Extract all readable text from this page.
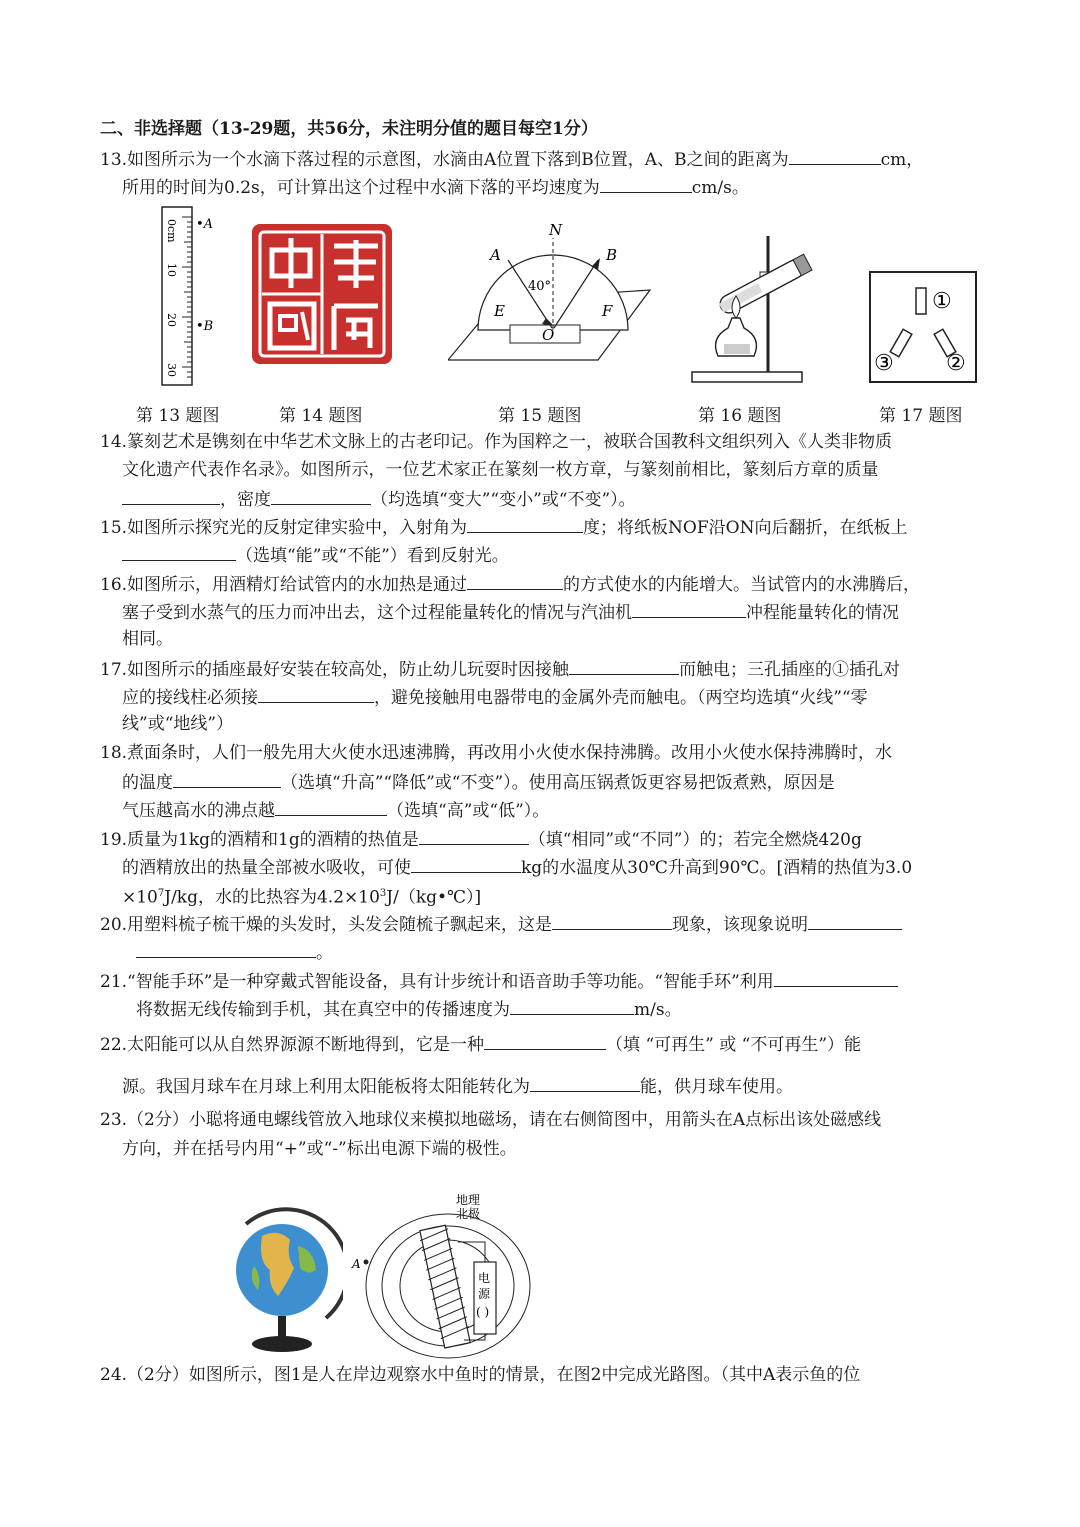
二、非选择题（13-29题，共56分，未注明分值的题目每空1分）
13.如图所示为一个水滴下落过程的示意图，水滴由A位置下落到B位置，A、B之间的距离为	cm，
所用的时间为0.2s，可计算出这个过程中水滴下落的平均速度为	cm/s。
0cm
10
20
30
•A
•B
N
A	B
E	F
O
40°
①
②
③
第 13 题图	第 14 题图	第 15 题图	第 16 题图	第 17 题图
14.篆刻艺术是镌刻在中华艺术文脉上的古老印记。作为国粹之一，被联合国教科文组织列入《人类非物质
文化遗产代表作名录》。如图所示，一位艺术家正在篆刻一枚方章，与篆刻前相比，篆刻后方章的质量
，密度	（均选填“变大”“变小”或“不变”）。
15.如图所示探究光的反射定律实验中，入射角为	度；将纸板NOF沿ON向后翻折，在纸板上
（选填“能”或“不能”）看到反射光。
16.如图所示，用酒精灯给试管内的水加热是通过	的方式使水的内能增大。当试管内的水沸腾后，
塞子受到水蒸气的压力而冲出去，这个过程能量转化的情况与汽油机	冲程能量转化的情况
相同。
17.如图所示的插座最好安装在较高处，防止幼儿玩耍时因接触	而触电；三孔插座的①插孔对
应的接线柱必须接	，避免接触用电器带电的金属外壳而触电。（两空均选填“火线”“零
线”或“地线”）
18.煮面条时，人们一般先用大火使水迅速沸腾，再改用小火使水保持沸腾。改用小火使水保持沸腾时，水
的温度	（选填“升高”“降低”或“不变”）。使用高压锅煮饭更容易把饭煮熟，原因是
气压越高水的沸点越	（选填“高”或“低”）。
19.质量为1kg的酒精和1g的酒精的热值是	（填“相同”或“不同”）的；若完全燃烧420g
的酒精放出的热量全部被水吸收，可使	kg的水温度从30℃升高到90℃。[酒精的热值为3.0
$\times 10^7J/kg$，水的比热容为$4.2\times 10^3J/(kg•℃)$]
20.用塑料梳子梳干燥的头发时，头发会随梳子飘起来，这是	现象，该现象说明
。
21.“智能手环”是一种穿戴式智能设备，具有计步统计和语音助手等功能。“智能手环”利用
将数据无线传输到手机，其在真空中的传播速度为	m/s。
22.太阳能可以从自然界源源不断地得到，它是一种	（填 “可再生” 或 “不可再生”）能
源。我国月球车在月球上利用太阳能板将太阳能转化为	能，供月球车使用。
23.（2分）小聪将通电螺线管放入地球仪来模拟地磁场，请在右侧简图中，用箭头在A点标出该处磁感线
方向，并在括号内用“+”或“-”标出电源下端的极性。
地理
北极
A
电
源
( )
24.（2分）如图所示，图1是人在岸边观察水中鱼时的情景，在图2中完成光路图。（其中A表示鱼的位
